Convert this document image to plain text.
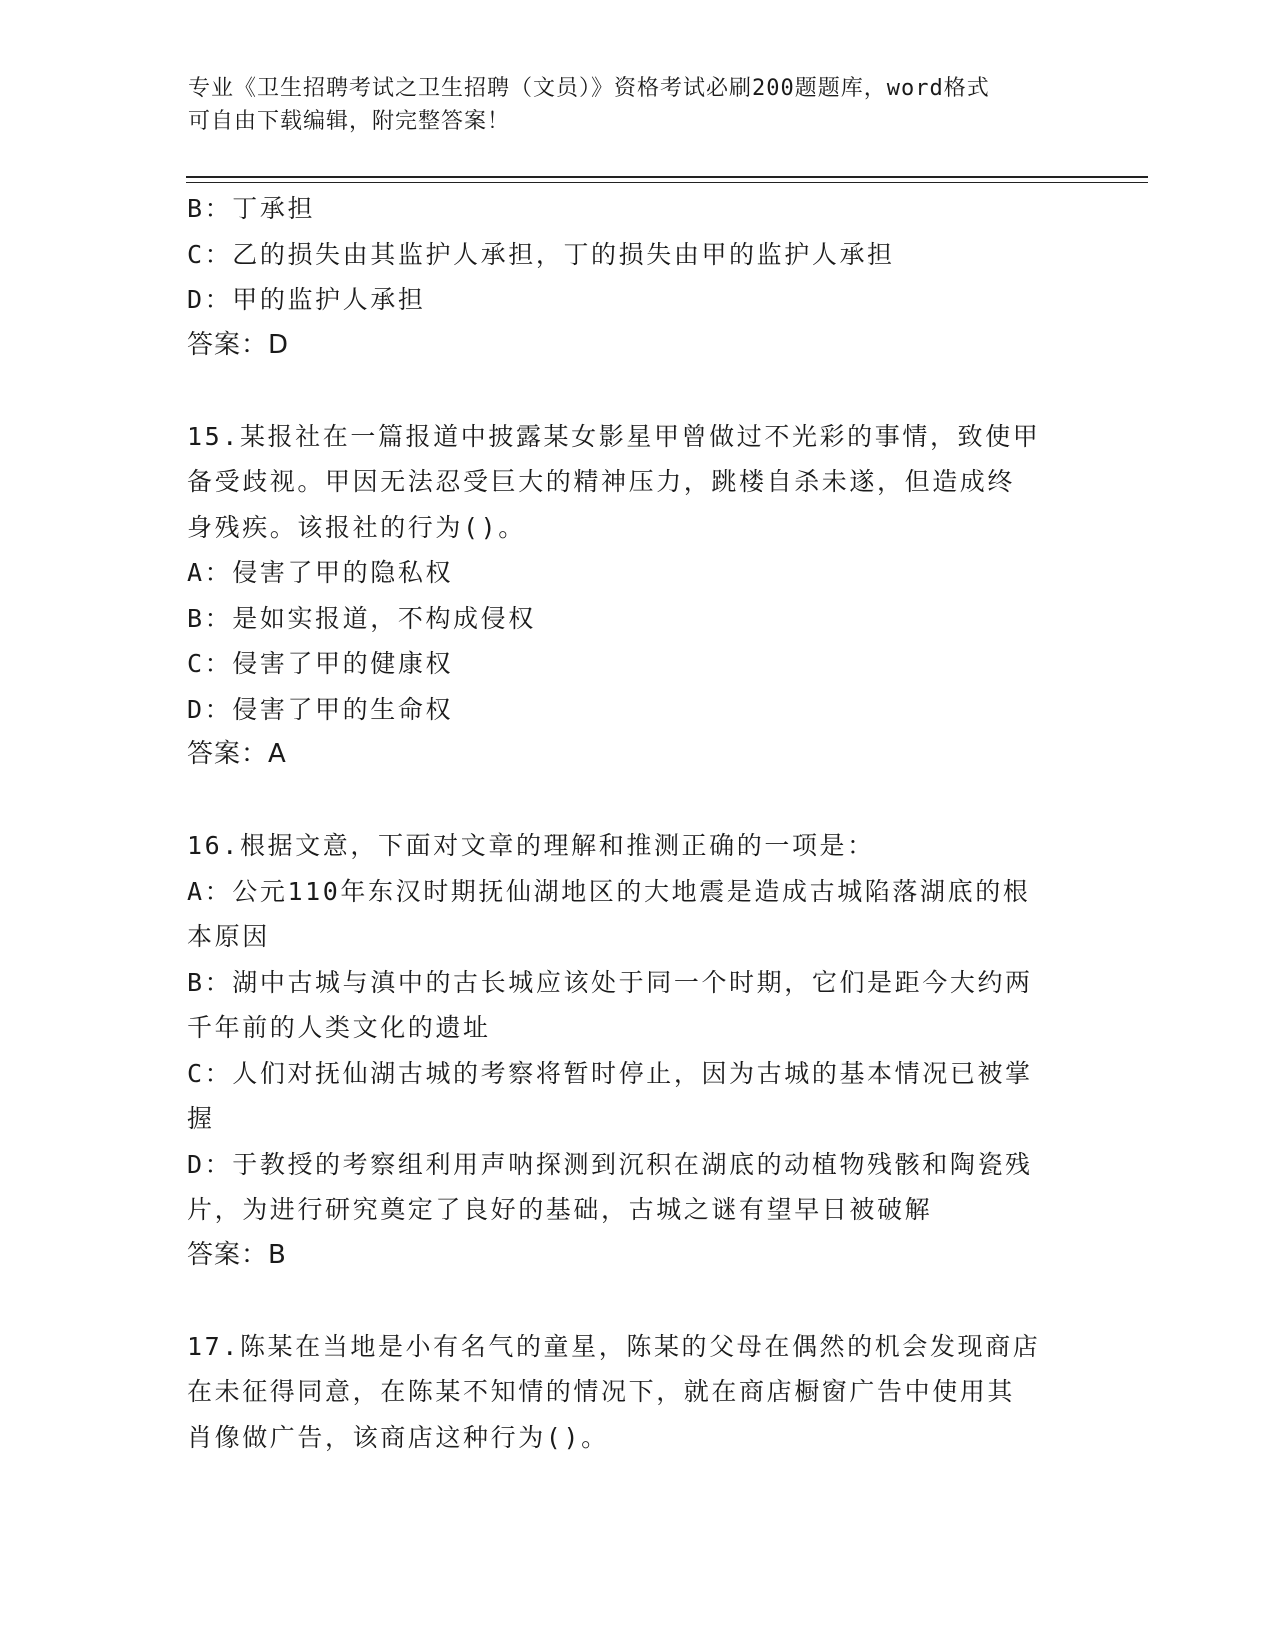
专业《卫生招聘考试之卫生招聘（文员）》资格考试必刷200题题库，word格式
可自由下载编辑，附完整答案！
B：丁承担
C：乙的损失由其监护人承担，丁的损失由甲的监护人承担
D：甲的监护人承担
答案：D
15.某报社在一篇报道中披露某女影星甲曾做过不光彩的事情，致使甲
备受歧视。甲因无法忍受巨大的精神压力，跳楼自杀未遂，但造成终
身残疾。该报社的行为()。
A：侵害了甲的隐私权
B：是如实报道，不构成侵权
C：侵害了甲的健康权
D：侵害了甲的生命权
答案：A
16.根据文意，下面对文章的理解和推测正确的一项是：
A：公元110年东汉时期抚仙湖地区的大地震是造成古城陷落湖底的根
本原因
B：湖中古城与滇中的古长城应该处于同一个时期，它们是距今大约两
千年前的人类文化的遗址
C：人们对抚仙湖古城的考察将暂时停止，因为古城的基本情况已被掌
握
D：于教授的考察组利用声呐探测到沉积在湖底的动植物残骸和陶瓷残
片，为进行研究奠定了良好的基础，古城之谜有望早日被破解
答案：B
17.陈某在当地是小有名气的童星，陈某的父母在偶然的机会发现商店
在未征得同意，在陈某不知情的情况下，就在商店橱窗广告中使用其
肖像做广告，该商店这种行为()。
